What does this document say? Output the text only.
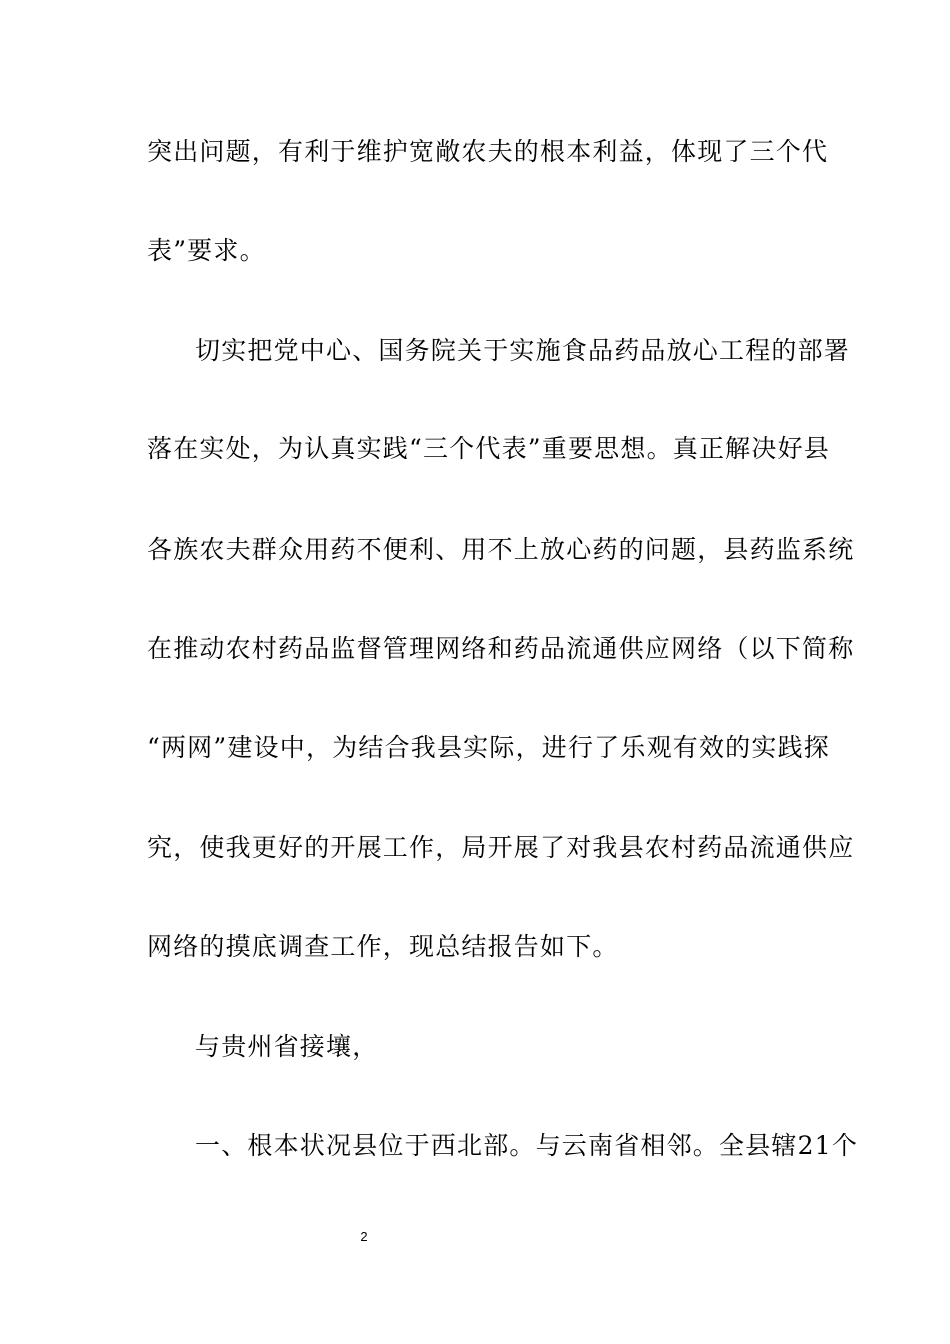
突出问题，有利于维护宽敞农夫的根本利益，体现了三个代
表”要求。
切实把党中心、国务院关于实施食品药品放心工程的部署
落在实处，为认真实践“三个代表”重要思想。真正解决好县
各族农夫群众用药不便利、用不上放心药的问题，县药监系统
在推动农村药品监督管理网络和药品流通供应网络（以下简称
“两网”建设中，为结合我县实际，进行了乐观有效的实践探
究，使我更好的开展工作，局开展了对我县农村药品流通供应
网络的摸底调查工作，现总结报告如下。
与贵州省接壤，
一、根本状况县位于西北部。与云南省相邻。全县辖21个
2
